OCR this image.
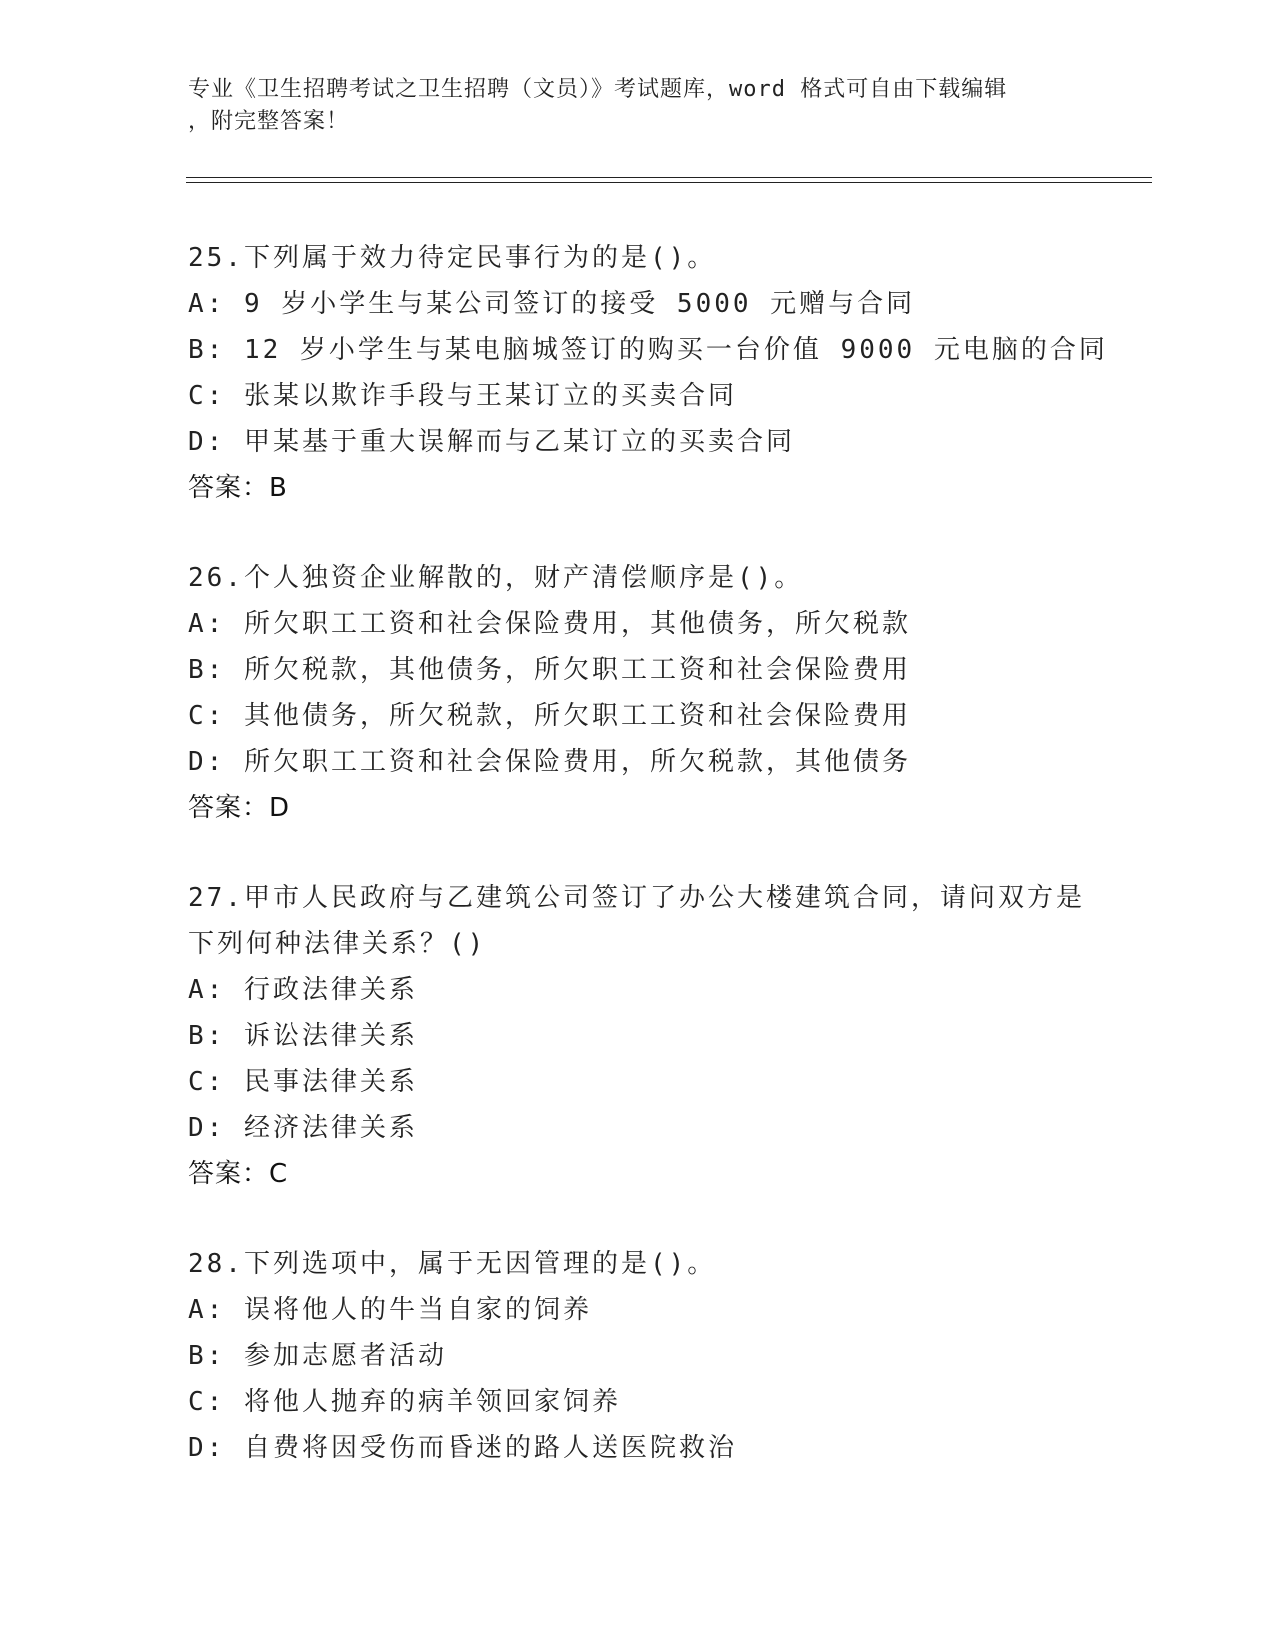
专业《卫生招聘考试之卫生招聘（文员）》考试题库，word 格式可自由下载编辑
，附完整答案！
25.下列属于效力待定民事行为的是()。
A: 9 岁小学生与某公司签订的接受 5000 元赠与合同
B: 12 岁小学生与某电脑城签订的购买一台价值 9000 元电脑的合同
C: 张某以欺诈手段与王某订立的买卖合同
D: 甲某基于重大误解而与乙某订立的买卖合同
答案：B
26.个人独资企业解散的，财产清偿顺序是()。
A: 所欠职工工资和社会保险费用，其他债务，所欠税款
B: 所欠税款，其他债务，所欠职工工资和社会保险费用
C: 其他债务，所欠税款，所欠职工工资和社会保险费用
D: 所欠职工工资和社会保险费用，所欠税款，其他债务
答案：D
27.甲市人民政府与乙建筑公司签订了办公大楼建筑合同，请问双方是
下列何种法律关系？()
A: 行政法律关系
B: 诉讼法律关系
C: 民事法律关系
D: 经济法律关系
答案：C
28.下列选项中，属于无因管理的是()。
A: 误将他人的牛当自家的饲养
B: 参加志愿者活动
C: 将他人抛弃的病羊领回家饲养
D: 自费将因受伤而昏迷的路人送医院救治
